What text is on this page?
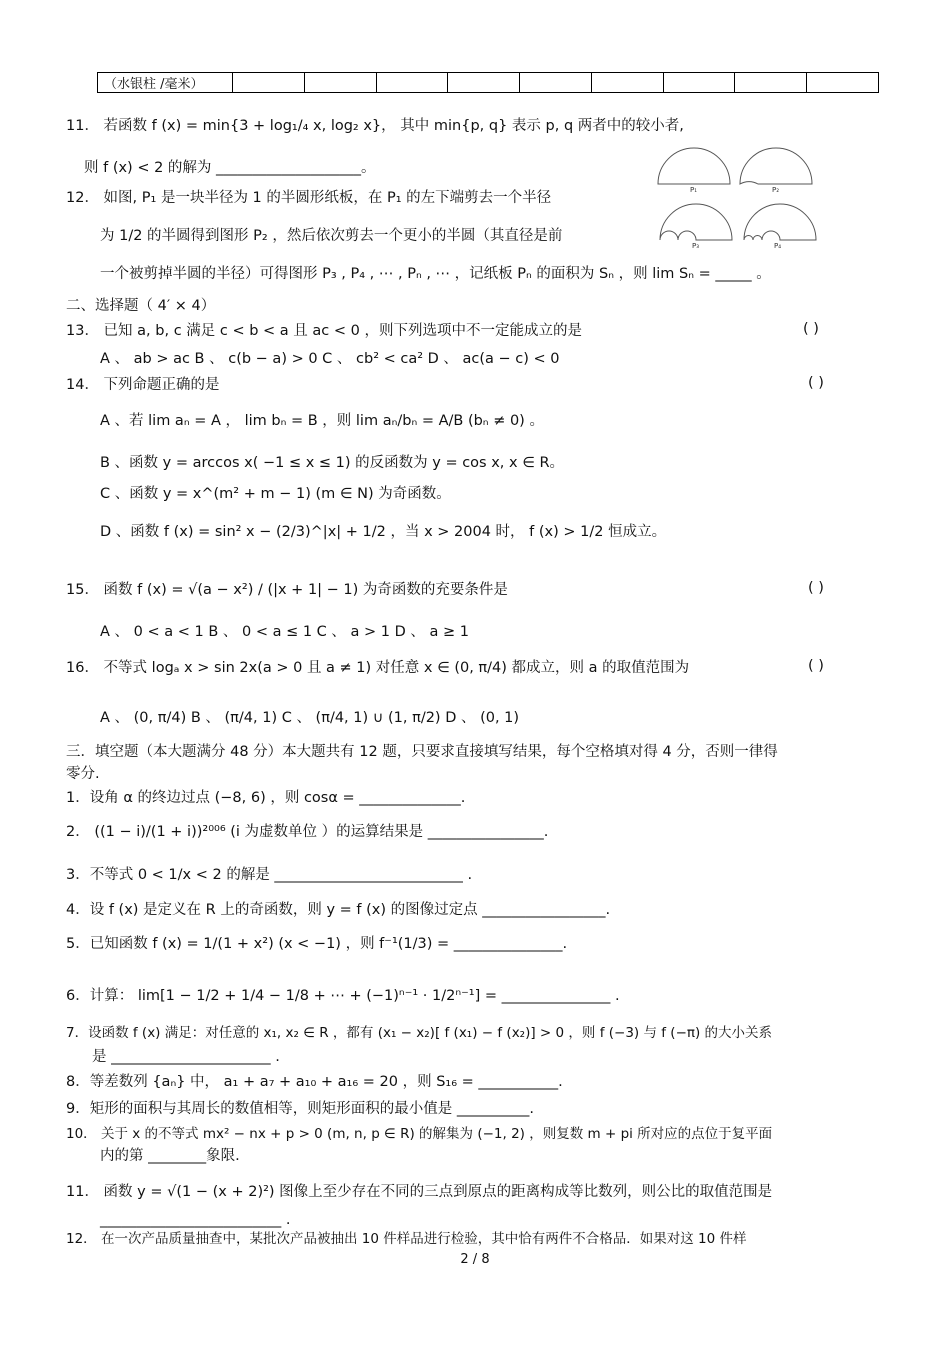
（水银柱 /毫米）									
11． 若函数 f (x) = min{3 + log₁/₄ x, log₂ x}， 其中 min{p, q} 表示 p, q 两者中的较小者,
则 f (x) < 2 的解为 ____________________。
12． 如图, P₁ 是一块半径为 1 的半圆形纸板，在 P₁ 的左下端剪去一个半径
为 1/2 的半圆得到图形 P₂ ，然后依次剪去一个更小的半圆（其直径是前
一个被剪掉半圆的半径）可得图形 P₃ , P₄ , ⋯ , Pₙ , ⋯ ，记纸板 Pₙ 的面积为 Sₙ ，则 lim Sₙ = _____ 。
二、选择题（ 4′ × 4）
13． 已知 a, b, c 满足 c < b < a 且 ac < 0 ，则下列选项中不一定能成立的是
A 、 ab > ac B 、 c(b − a) > 0 C 、 cb² < ca² D 、 ac(a − c) < 0
14． 下列命题正确的是
A 、若 lim aₙ = A ， lim bₙ = B ，则 lim aₙ/bₙ = A/B (bₙ ≠ 0) 。
B 、函数 y = arccos x( −1 ≤ x ≤ 1) 的反函数为 y = cos x, x ∈ R。
C 、函数 y = x^(m² + m − 1) (m ∈ N) 为奇函数。
D 、函数 f (x) = sin² x − (2/3)^|x| + 1/2 ，当 x > 2004 时， f (x) > 1/2 恒成立。
15． 函数 f (x) = √(a − x²) / (|x + 1| − 1) 为奇函数的充要条件是
A 、 0 < a < 1 B 、 0 < a ≤ 1 C 、 a > 1 D 、 a ≥ 1
16． 不等式 logₐ x > sin 2x(a > 0 且 a ≠ 1) 对任意 x ∈ (0, π/4) 都成立，则 a 的取值范围为
A 、 (0, π/4) B 、 (π/4, 1) C 、 (π/4, 1) ∪ (1, π/2) D 、 (0, 1)
三．填空题（本大题满分 48 分）本大题共有 12 题，只要求直接填写结果，每个空格填对得 4 分，否则一律得
零分.
1．设角 α 的终边过点 (−8, 6) ，则 cosα = ______________.
2． ((1 − i)/(1 + i))²⁰⁰⁶ (i 为虚数单位 ）的运算结果是 ________________.
3．不等式 0 < 1/x < 2 的解是 __________________________ .
4．设 f (x) 是定义在 R 上的奇函数，则 y = f (x) 的图像过定点 _________________.
5．已知函数 f (x) = 1/(1 + x²) (x < −1) ，则 f⁻¹(1/3) = _______________.
6．计算： lim[1 − 1/2 + 1/4 − 1/8 + ⋯ + (−1)ⁿ⁻¹ · 1/2ⁿ⁻¹] = _______________ .
7．设函数 f (x) 满足：对任意的 x₁, x₂ ∈ R ，都有 (x₁ − x₂)[ f (x₁) − f (x₂)] > 0 ，则 f (−3) 与 f (−π) 的大小关系
是 ______________________ .
8．等差数列 {aₙ} 中， a₁ + a₇ + a₁₀ + a₁₆ = 20 ，则 S₁₆ = ___________.
9．矩形的面积与其周长的数值相等，则矩形面积的最小值是 __________.
10． 关于 x 的不等式 mx² − nx + p > 0 (m, n, p ∈ R) 的解集为 (−1, 2) ，则复数 m + pi 所对应的点位于复平面
内的第 ________象限.
11． 函数 y = √(1 − (x + 2)²) 图像上至少存在不同的三点到原点的距离构成等比数列，则公比的取值范围是
_________________________ .
12． 在一次产品质量抽查中，某批次产品被抽出 10 件样品进行检验，其中恰有两件不合格品．如果对这 10 件样
( )
( )
( )
( )
P₁	P₂
P₃	P₄
2 / 8
